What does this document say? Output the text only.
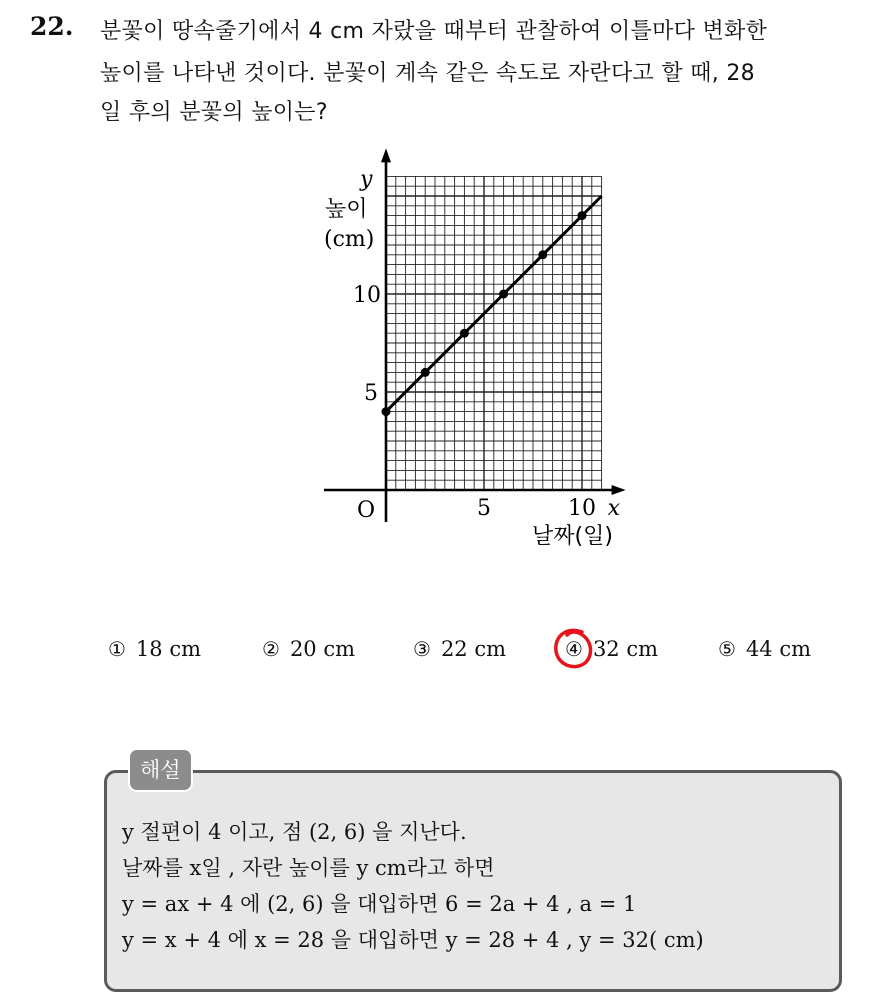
22. 분꽃이 땅속줄기에서 4 cm 자랐을 때부터 관찰하여 이틀마다 변화한
높이를 나타낸 것이다. 분꽃이 계속 같은 속도로 자란다고 할 때, 28
일 후의 분꽃의 높이는?
O	5	10
5
10
x
y
높이
(cm)
날짜(일)
① 18 cm	② 20 cm	③ 22 cm	④ 32 cm	⑤ 44 cm
해설
y 절편이 4 이고, 점 (2, 6) 을 지난다.
날짜를 x일 , 자란 높이를 y cm라고 하면
y = ax + 4 에 (2, 6) 을 대입하면 6 = 2a + 4 , a = 1
y = x + 4 에 x = 28 을 대입하면 y = 28 + 4 , y = 32( cm)
